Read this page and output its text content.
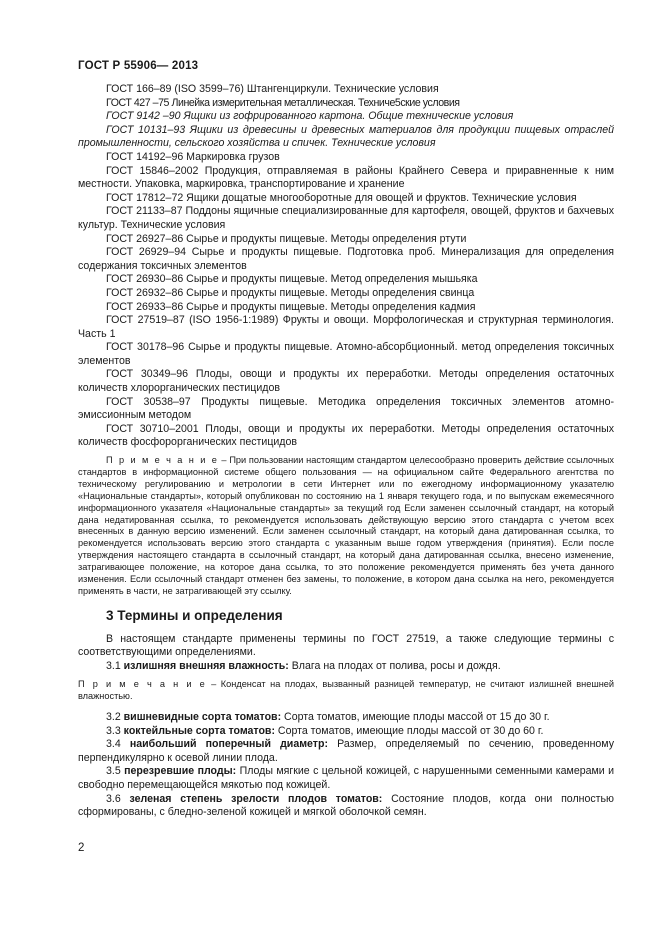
ГОСТ Р 55906— 2013

ГОСТ 166–89 (ISO 3599–76) Штангенциркули. Технические условия

ГОСТ 427 –75 Линейка измерительная металлическая. Техниче5ские условия

ГОСТ 9142 –90 Ящики из гофрированного картона. Общие технические условия

ГОСТ 10131–93 Ящики из древесины и древесных материалов для продукции пищевых отраслей промышленности, сельского хозяйства и спичек. Технические условия

ГОСТ 14192–96 Маркировка грузов

ГОСТ 15846–2002 Продукция, отправляемая в районы Крайнего Севера и приравненные к ним местности. Упаковка, маркировка, транспортирование и хранение

ГОСТ 17812–72 Ящики дощатые многооборотные для овощей и фруктов. Технические условия

ГОСТ 21133–87 Поддоны ящичные специализированные для картофеля, овощей, фруктов и бахчевых культур. Технические условия

ГОСТ 26927–86 Сырье и продукты пищевые. Методы определения ртути

ГОСТ 26929–94 Сырье и продукты пищевые. Подготовка проб. Минерализация для определения содержания токсичных элементов

ГОСТ 26930–86 Сырье и продукты пищевые. Метод определения мышьяка

ГОСТ 26932–86 Сырье и продукты пищевые. Методы определения свинца

ГОСТ 26933–86 Сырье и продукты пищевые. Методы определения кадмия

ГОСТ 27519–87 (ISO 1956-1:1989) Фрукты и овощи. Морфологическая и структурная терминология. Часть 1

ГОСТ 30178–96 Сырье и продукты пищевые. Атомно-абсорбционный. метод определения токсичных элементов

ГОСТ 30349–96 Плоды, овощи и продукты их переработки. Методы определения остаточных количеств хлорорганических пестицидов

ГОСТ 30538–97 Продукты пищевые. Методика определения токсичных элементов атомно-эмиссионным методом

ГОСТ 30710–2001 Плоды, овощи и продукты их переработки. Методы определения остаточных количеств фосфорорганических пестицидов

П р и м е ч а н и е – При пользовании настоящим стандартом целесообразно проверить действие ссылочных стандартов в информационной системе общего пользования — на официальном сайте Федерального агентства по техническому регулированию и метрологии в сети Интернет или по ежегодному информационному указателю «Национальные стандарты», который опубликован по состоянию на 1 января текущего года, и по выпускам ежемесячного информационного указателя «Национальные стандарты» за текущий год Если заменен ссылочный стандарт, на который дана недатированная ссылка, то рекомендуется использовать действующую версию этого стандарта с учетом всех внесенных в данную версию изменений. Если заменен ссылочный стандарт, на который дана датированная ссылка, то рекомендуется использовать версию этого стандарта с указанным выше годом утверждения (принятия). Если после утверждения настоящего стандарта в ссылочный стандарт, на который дана датированная ссылка, внесено изменение, затрагивающее положение, на которое дана ссылка, то это положение рекомендуется применять без учета данного изменения. Если ссылочный стандарт отменен без замены, то положение, в котором дана ссылка на него, рекомендуется применять в части, не затрагивающей эту ссылку.

3 Термины и определения

В настоящем стандарте применены термины по ГОСТ 27519, а также следующие термины с соответствующими определениями.

3.1 излишняя внешняя влажность: Влага на плодах от полива, росы и дождя.

П р и м е ч а н и е – Конденсат на плодах, вызванный разницей температур, не считают излишней внешней влажностью.

3.2 вишневидные сорта томатов: Сорта томатов, имеющие плоды массой от 15 до 30 г.

3.3 коктейльные сорта томатов: Сорта томатов, имеющие плоды массой от 30 до 60 г.

3.4 наибольший поперечный диаметр: Размер, определяемый по сечению, проведенному перпендикулярно к осевой линии плода.

3.5 перезревшие плоды: Плоды мягкие с цельной кожицей, с нарушенными семенными камерами и свободно перемещающейся мякотью под кожицей.

3.6 зеленая степень зрелости плодов томатов: Состояние плодов, когда они полностью сформированы, с бледно-зеленой кожицей и мягкой оболочкой семян.

2
